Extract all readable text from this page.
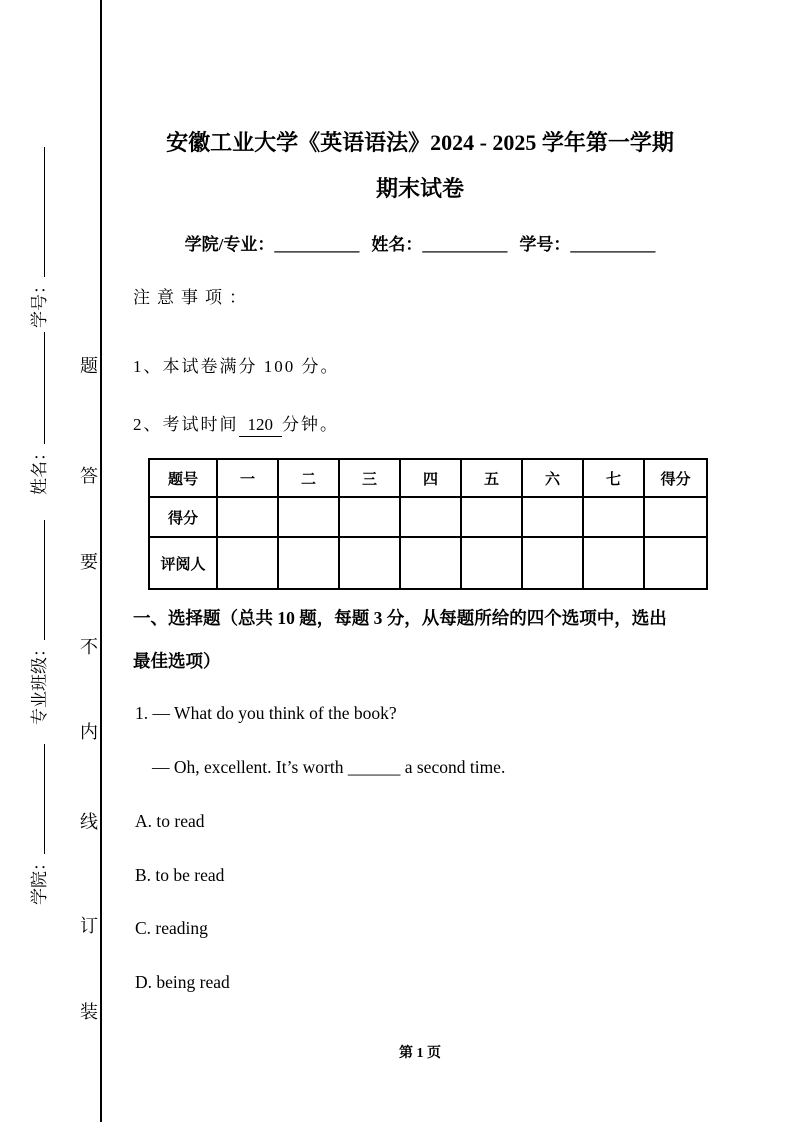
学号：
姓名：
专业班级：
学院：
题
答
要
不
内
线
订
装
安徽工业大学《英语语法》2024 - 2025 学年第一学期
期末试卷
学院/专业：__________ 姓名：__________ 学号：__________
注意事项：
1、本试卷满分 100 分。
2、考试时间 120 分钟。
题号	一	二	三	四	五	六	七	得分
得分								
评阅人								
一、选择题（总共 10 题，每题 3 分，从每题所给的四个选项中，选出
最佳选项）
1. — What do you think of the book?
— Oh, excellent. It’s worth ______ a second time.
A. to read
B. to be read
C. reading
D. being read
第 1 页
